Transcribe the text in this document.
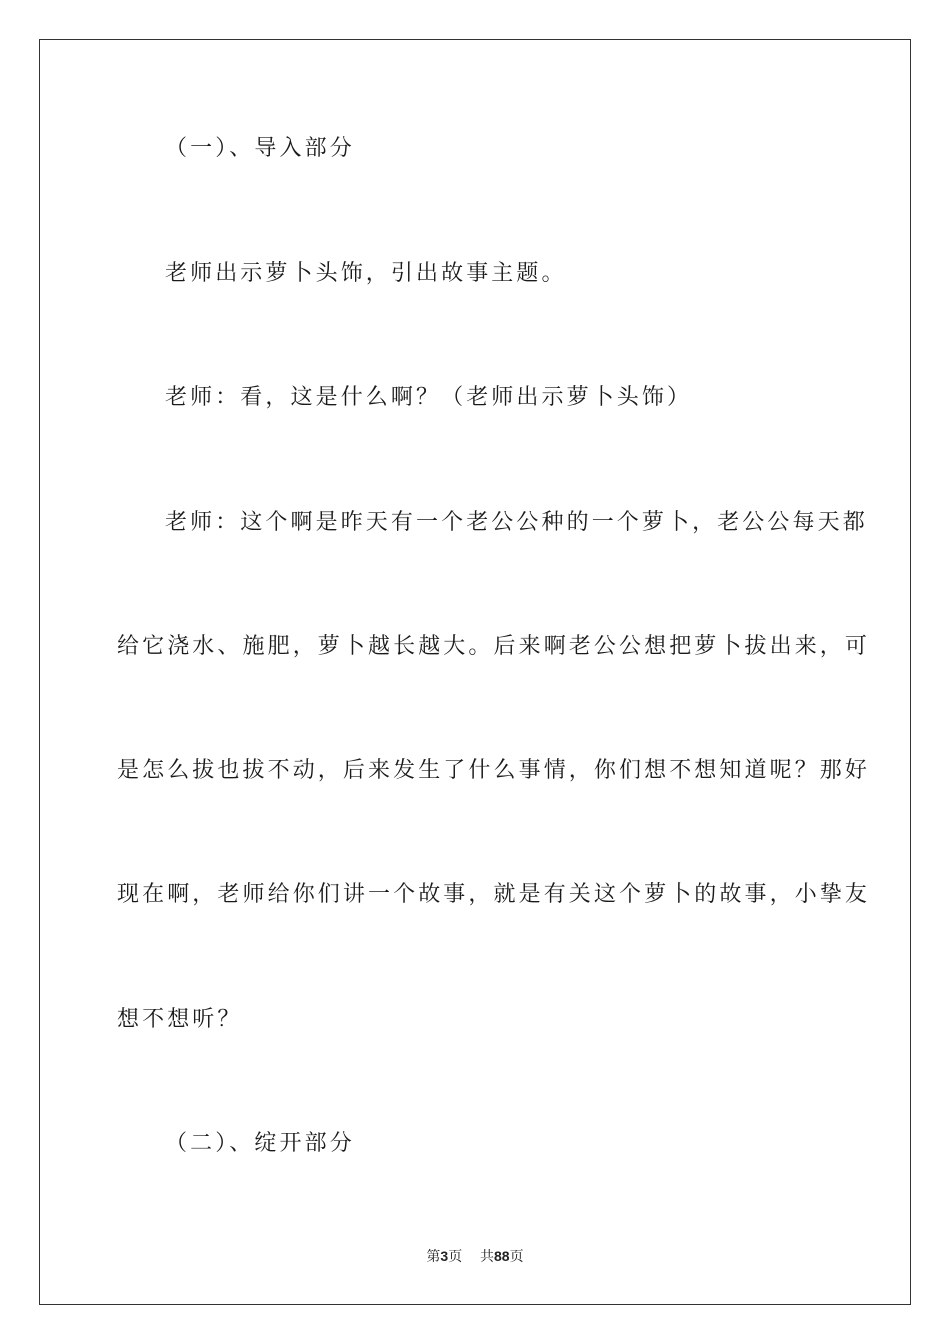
（一）、导入部分
老师出示萝卜头饰，引出故事主题。
老师：看，这是什么啊？（老师出示萝卜头饰）
老师：这个啊是昨天有一个老公公种的一个萝卜，老公公每天都
给它浇水、施肥，萝卜越长越大。后来啊老公公想把萝卜拔出来，可
是怎么拔也拔不动，后来发生了什么事情，你们想不想知道呢？那好
现在啊，老师给你们讲一个故事，就是有关这个萝卜的故事，小挚友
想不想听？
（二）、绽开部分
第3页 共88页
